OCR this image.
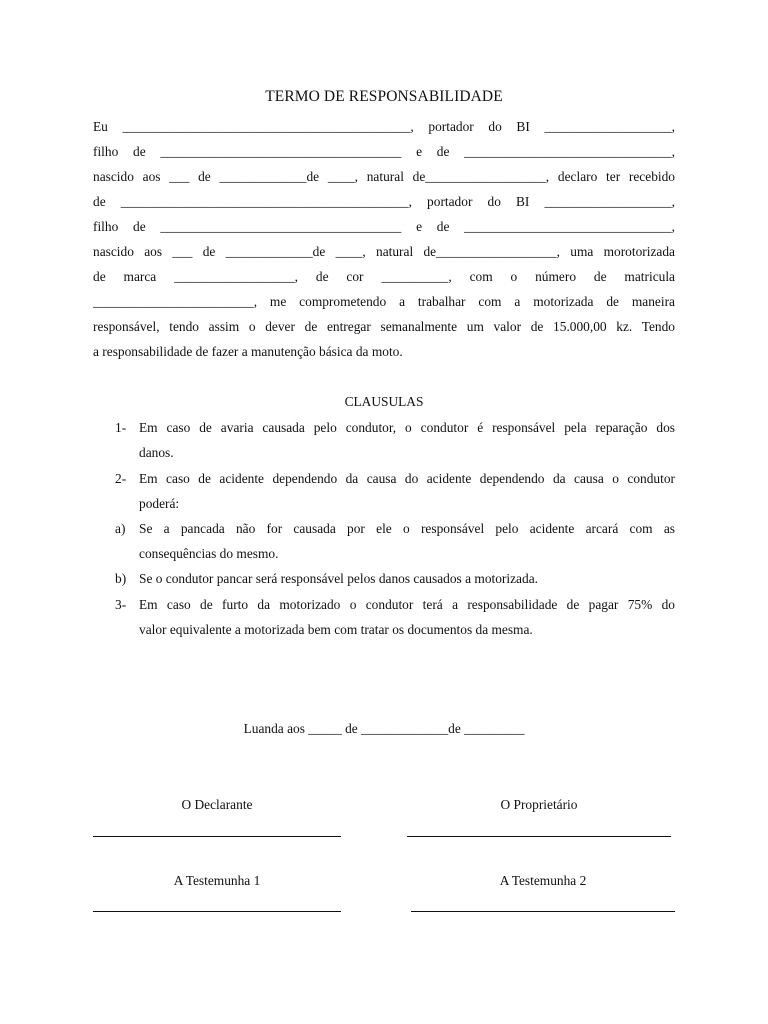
TERMO DE RESPONSABILIDADE
Eu ___________________________________________, portador do BI ___________________,
filho de ____________________________________ e de _______________________________,
nascido aos ___ de _____________de ____, natural de__________________, declaro ter recebido
de ___________________________________________, portador do BI ___________________,
filho de ____________________________________ e de _______________________________,
nascido aos ___ de _____________de ____, natural de__________________, uma morotorizada
de marca __________________, de cor __________, com o número de matricula
________________________, me comprometendo a trabalhar com a motorizada de maneira
responsável, tendo assim o dever de entregar semanalmente um valor de 15.000,00 kz. Tendo
a responsabilidade de fazer a manutenção básica da moto.
CLAUSULAS
1- Em caso de avaria causada pelo condutor, o condutor é responsável pela reparação dos
danos.
2- Em caso de acidente dependendo da causa do acidente dependendo da causa o condutor
poderá:
a) Se a pancada não for causada por ele o responsável pelo acidente arcará com as
consequências do mesmo.
b) Se o condutor pancar será responsável pelos danos causados a motorizada.
3- Em caso de furto da motorizado o condutor terá a responsabilidade de pagar 75% do
valor equivalente a motorizada bem com tratar os documentos da mesma.
Luanda aos _____ de _____________de _________
O Declarante	O Proprietário
A Testemunha 1	A Testemunha 2
